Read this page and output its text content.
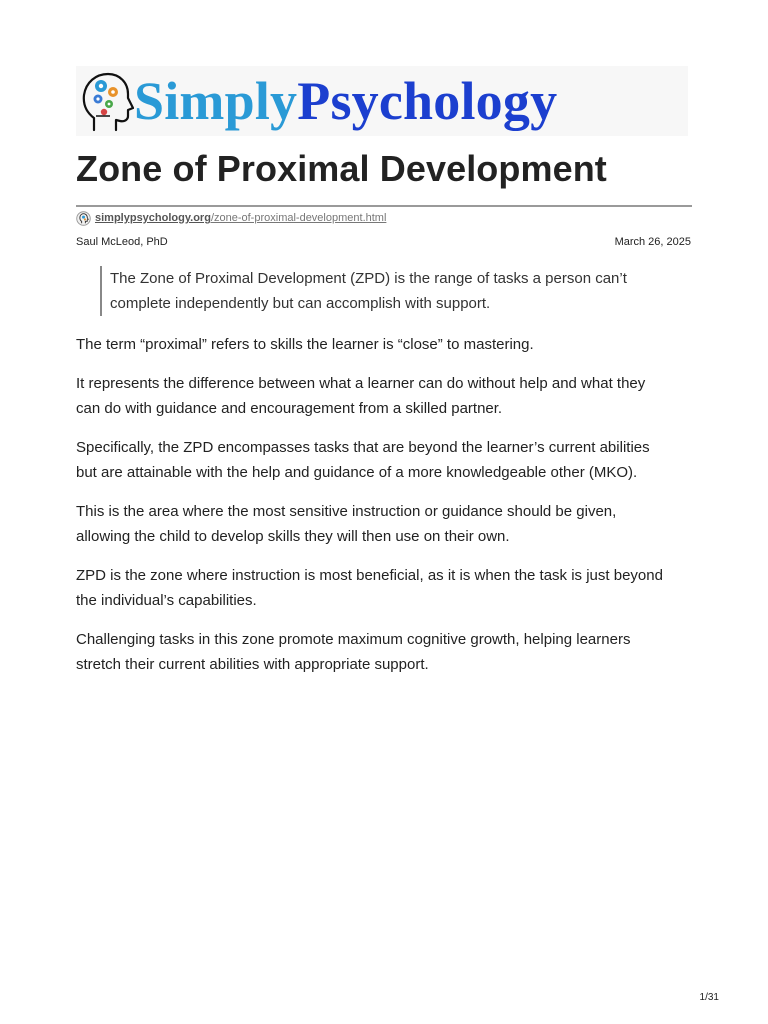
SimplyPsychology
Zone of Proximal Development
simplypsychology.org /zone-of-proximal-development.html
Saul McLeod, PhD	March 26, 2025

The Zone of Proximal Development (ZPD) is the range of tasks a person can’t
complete independently but can accomplish with support.

The term “proximal” refers to skills the learner is “close” to mastering.

It represents the difference between what a learner can do without help and what they
can do with guidance and encouragement from a skilled partner.

Specifically, the ZPD encompasses tasks that are beyond the learner’s current abilities
but are attainable with the help and guidance of a more knowledgeable other (MKO).

This is the area where the most sensitive instruction or guidance should be given,
allowing the child to develop skills they will then use on their own.

ZPD is the zone where instruction is most beneficial, as it is when the task is just beyond
the individual’s capabilities.

Challenging tasks in this zone promote maximum cognitive growth, helping learners
stretch their current abilities with appropriate support.

1/31
